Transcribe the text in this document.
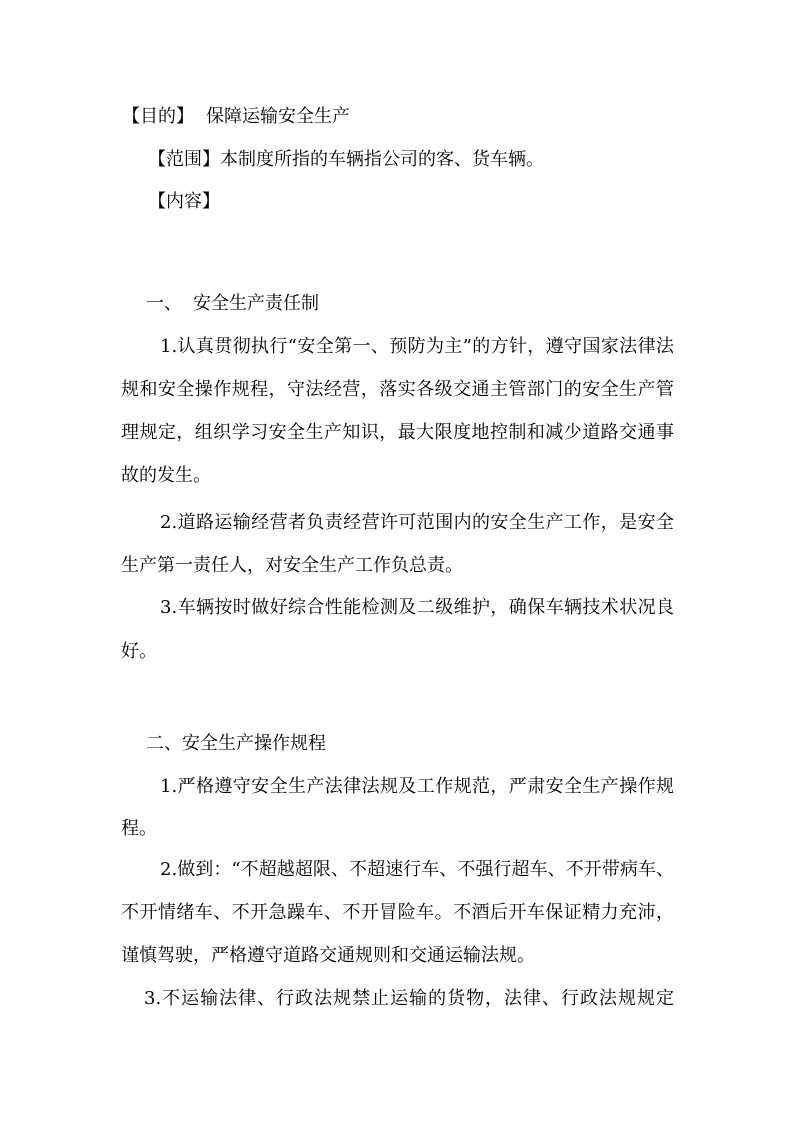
【目的】 保障运输安全生产
【范围】本制度所指的车辆指公司的客、货车辆。
【内容】
一、 安全生产责任制
1.认真贯彻执行“安全第一、预防为主”的方针，遵守国家法律法
规和安全操作规程，守法经营，落实各级交通主管部门的安全生产管
理规定，组织学习安全生产知识，最大限度地控制和减少道路交通事
故的发生。
2.道路运输经营者负责经营许可范围内的安全生产工作，是安全
生产第一责任人，对安全生产工作负总责。
3.车辆按时做好综合性能检测及二级维护，确保车辆技术状况良
好。
二、安全生产操作规程
1.严格遵守安全生产法律法规及工作规范，严肃安全生产操作规
程。
2.做到：“不超越超限、不超速行车、不强行超车、不开带病车、
不开情绪车、不开急躁车、不开冒险车。不酒后开车保证精力充沛，
谨慎驾驶，严格遵守道路交通规则和交通运输法规。
3.不运输法律、行政法规禁止运输的货物，法律、行政法规规定
